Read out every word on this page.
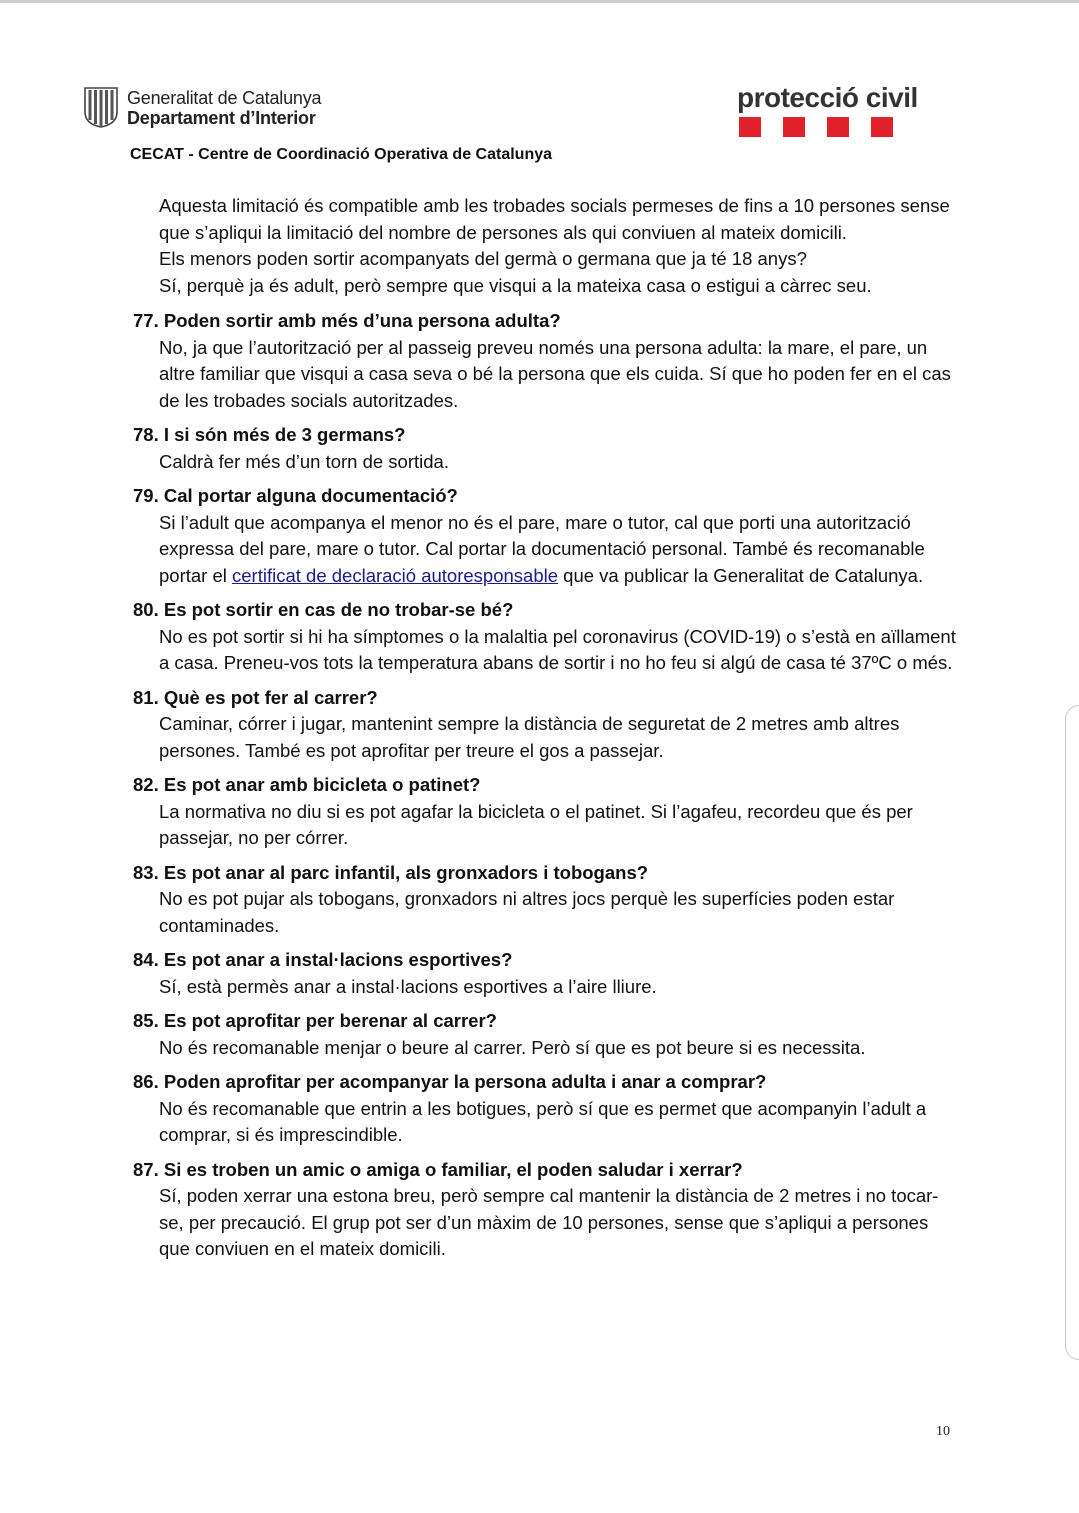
Generalitat de Catalunya
Departament d’Interior
protecció civil
CECAT - Centre de Coordinació Operativa de Catalunya

Aquesta limitació és compatible amb les trobades socials permeses de fins a 10 persones sense que s’apliqui la limitació del nombre de persones als qui conviuen al mateix domicili.

Els menors poden sortir acompanyats del germà o germana que ja té 18 anys?

Sí, perquè ja és adult, però sempre que visqui a la mateixa casa o estigui a càrrec seu.

77. Poden sortir amb més d’una persona adulta?

No, ja que l’autorització per al passeig preveu només una persona adulta: la mare, el pare, un altre familiar que visqui a casa seva o bé la persona que els cuida. Sí que ho poden fer en el cas de les trobades socials autoritzades.

78. I si són més de 3 germans?

Caldrà fer més d’un torn de sortida.

79. Cal portar alguna documentació?

Si l’adult que acompanya el menor no és el pare, mare o tutor, cal que porti una autorització expressa del pare, mare o tutor. Cal portar la documentació personal. També és recomanable portar el certificat de declaració autoresponsable que va publicar la Generalitat de Catalunya.

80. Es pot sortir en cas de no trobar-se bé?

No es pot sortir si hi ha símptomes o la malaltia pel coronavirus (COVID-19) o s’està en aïllament a casa. Preneu-vos tots la temperatura abans de sortir i no ho feu si algú de casa té 37ºC o més.

81. Què es pot fer al carrer?

Caminar, córrer i jugar, mantenint sempre la distància de seguretat de 2 metres amb altres persones. També es pot aprofitar per treure el gos a passejar.

82. Es pot anar amb bicicleta o patinet?

La normativa no diu si es pot agafar la bicicleta o el patinet. Si l’agafeu, recordeu que és per passejar, no per córrer.

83. Es pot anar al parc infantil, als gronxadors i tobogans?

No es pot pujar als tobogans, gronxadors ni altres jocs perquè les superfícies poden estar contaminades.

84. Es pot anar a instal·lacions esportives?

Sí, està permès anar a instal·lacions esportives a l’aire lliure.

85. Es pot aprofitar per berenar al carrer?

No és recomanable menjar o beure al carrer. Però sí que es pot beure si es necessita.

86. Poden aprofitar per acompanyar la persona adulta i anar a comprar?

No és recomanable que entrin a les botigues, però sí que es permet que acompanyin l’adult a comprar, si és imprescindible.

87. Si es troben un amic o amiga o familiar, el poden saludar i xerrar?

Sí, poden xerrar una estona breu, però sempre cal mantenir la distància de 2 metres i no tocar-se, per precaució. El grup pot ser d’un màxim de 10 persones, sense que s’apliqui a persones que conviuen en el mateix domicili.

10
